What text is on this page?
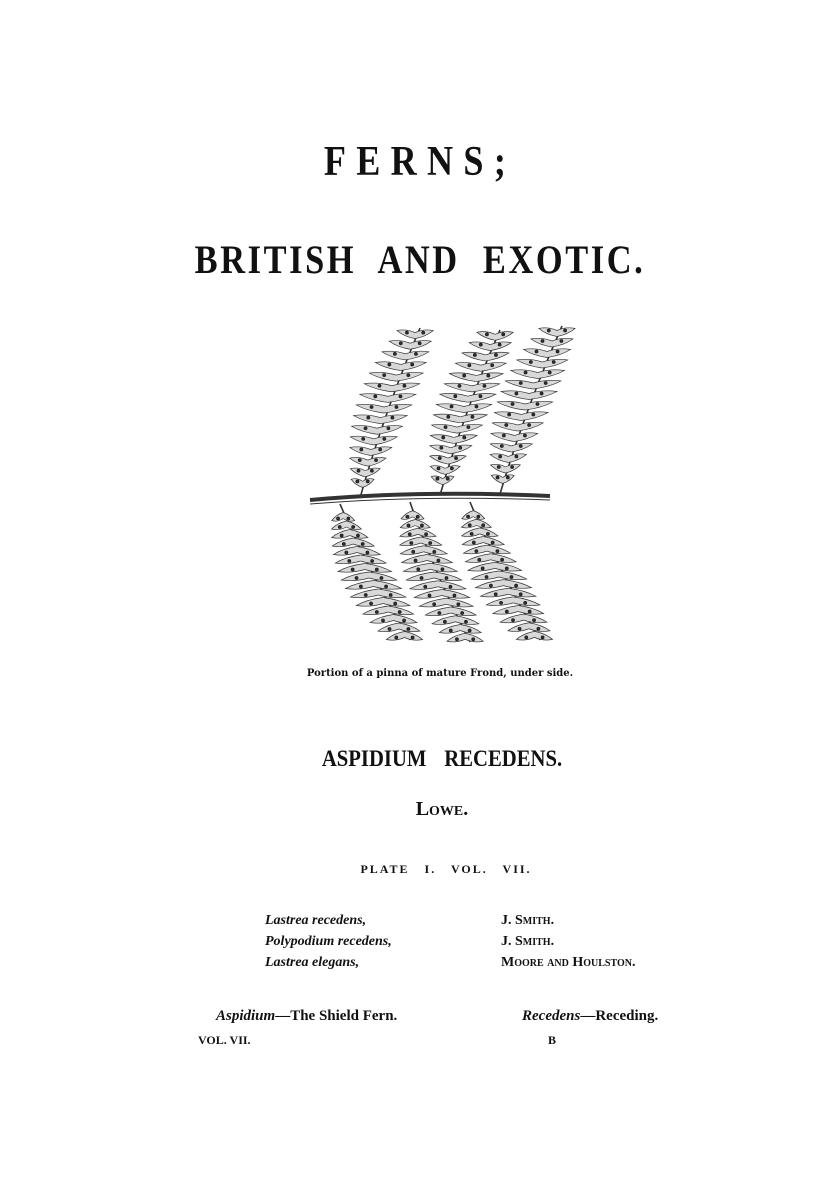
FERNS;
BRITISH AND EXOTIC.
Portion of a pinna of mature Frond, under side.
ASPIDIUM RECEDENS.
Lowe.
PLATE I. VOL. VII.
Lastrea recedens,	J. Smith.
Polypodium recedens,	J. Smith.
Lastrea elegans,	Moore and Houlston.
Aspidium—The Shield Fern.	Recedens—Receding.
VOL. VII.	B
